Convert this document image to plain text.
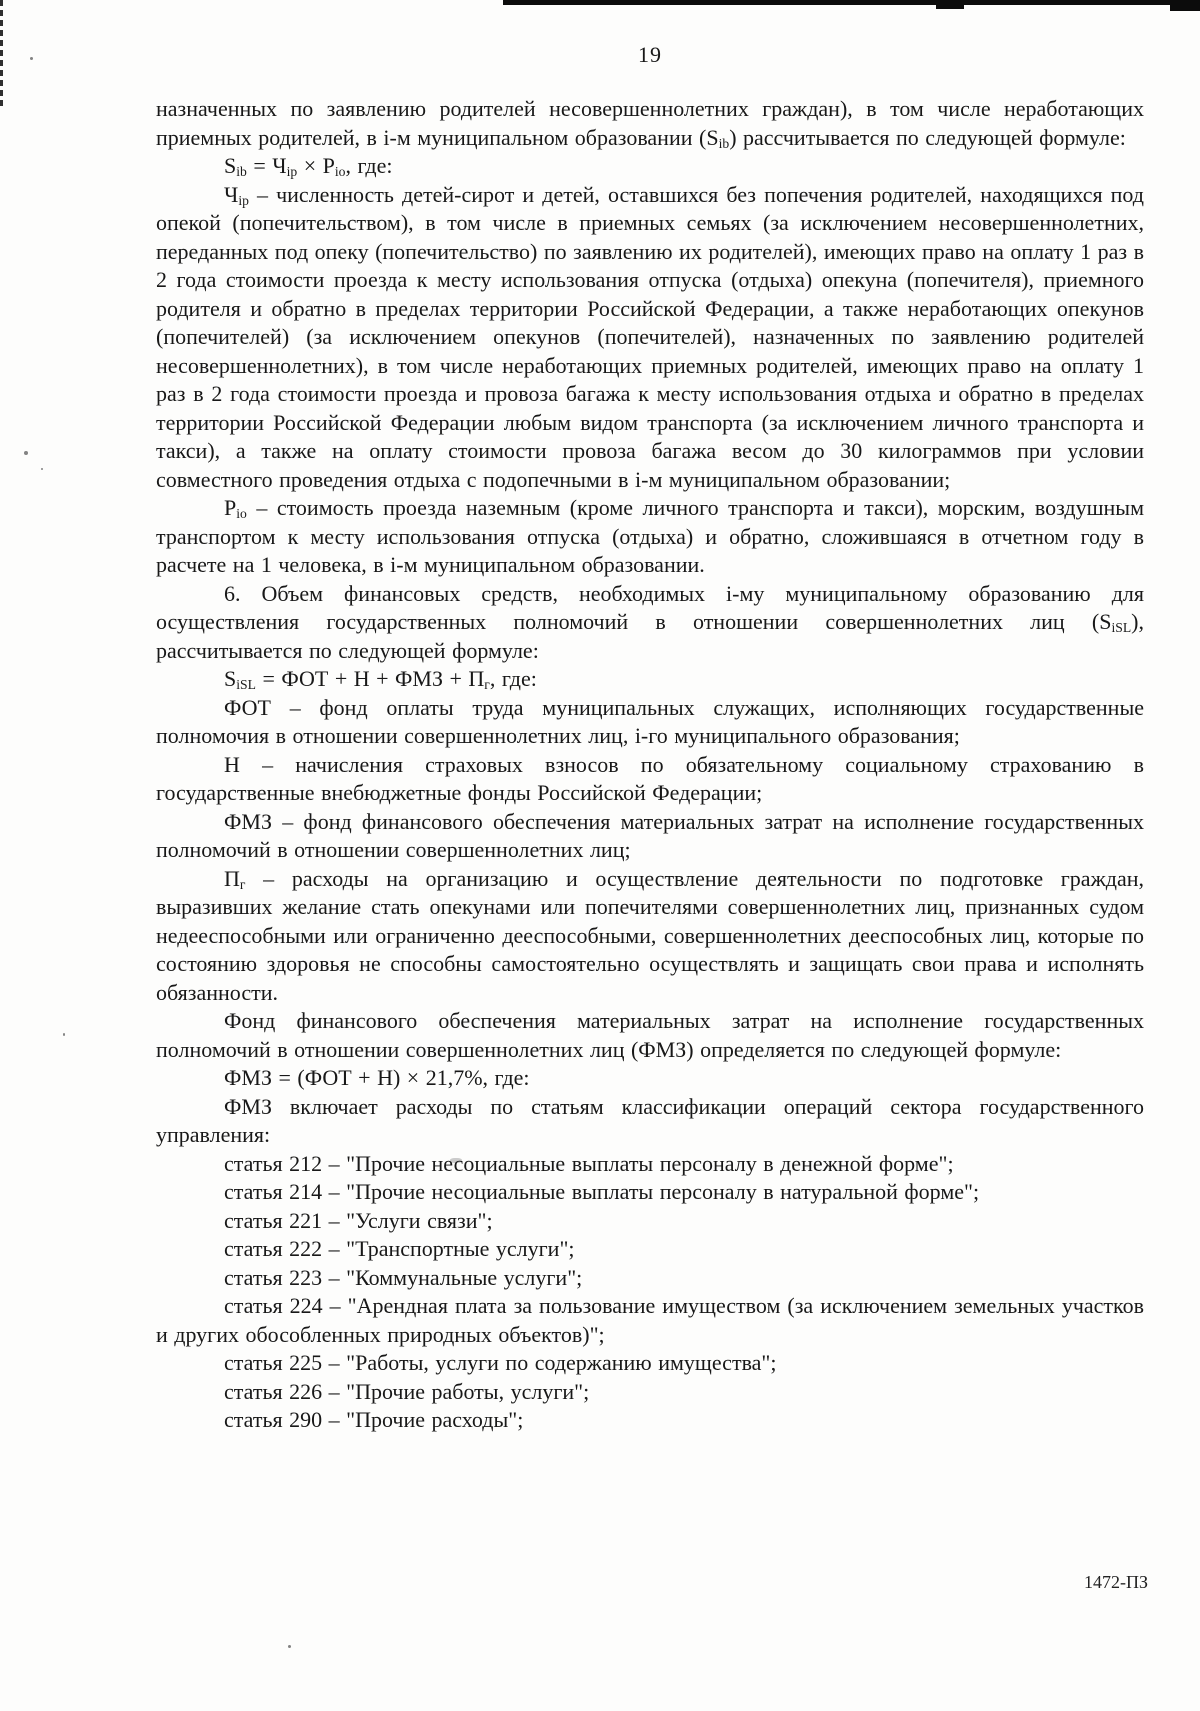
19

назначенных по заявлению родителей несовершеннолетних граждан), в том числе неработающих приемных родителей, в i-м муниципальном образовании $(S_{ib})$ рассчитывается по следующей формуле:

$S_{ib} = Ч_{ip} \times P_{io}$, где:

$Ч_{ip}$ – численность детей-сирот и детей, оставшихся без попечения родителей, находящихся под опекой (попечительством), в том числе в приемных семьях (за исключением несовершеннолетних, переданных под опеку (попечительство) по заявлению их родителей), имеющих право на оплату 1 раз в 2 года стоимости проезда к месту использования отпуска (отдыха) опекуна (попечителя), приемного родителя и обратно в пределах территории Российской Федерации, а также неработающих опекунов (попечителей) (за исключением опекунов (попечителей), назначенных по заявлению родителей несовершеннолетних), в том числе неработающих приемных родителей, имеющих право на оплату 1 раз в 2 года стоимости проезда и провоза багажа к месту использования отдыха и обратно в пределах территории Российской Федерации любым видом транспорта (за исключением личного транспорта и такси), а также на оплату стоимости провоза багажа весом до 30 килограммов при условии совместного проведения отдыха с подопечными в i-м муниципальном образовании;

$P_{io}$ – стоимость проезда наземным (кроме личного транспорта и такси), морским, воздушным транспортом к месту использования отпуска (отдыха) и обратно, сложившаяся в отчетном году в расчете на 1 человека, в i-м муниципальном образовании.

6. Объем финансовых средств, необходимых i-му муниципальному образованию для осуществления государственных полномочий в отношении совершеннолетних лиц $(S_{iSL})$, рассчитывается по следующей формуле:

$S_{iSL}$ = ФОТ + Н + ФМЗ + $П_г$, где:

ФОТ – фонд оплаты труда муниципальных служащих, исполняющих государственные полномочия в отношении совершеннолетних лиц, i-го муниципального образования;

Н – начисления страховых взносов по обязательному социальному страхованию в государственные внебюджетные фонды Российской Федерации;

ФМЗ – фонд финансового обеспечения материальных затрат на исполнение государственных полномочий в отношении совершеннолетних лиц;

$П_г$ – расходы на организацию и осуществление деятельности по подготовке граждан, выразивших желание стать опекунами или попечителями совершеннолетних лиц, признанных судом недееспособными или ограниченно дееспособными, совершеннолетних дееспособных лиц, которые по состоянию здоровья не способны самостоятельно осуществлять и защищать свои права и исполнять обязанности.

Фонд финансового обеспечения материальных затрат на исполнение государственных полномочий в отношении совершеннолетних лиц (ФМЗ) определяется по следующей формуле:

ФМЗ = (ФОТ + Н) × 21,7%, где:

ФМЗ включает расходы по статьям классификации операций сектора государственного управления:

статья 212 – "Прочие несоциальные выплаты персоналу в денежной форме";

статья 214 – "Прочие несоциальные выплаты персоналу в натуральной форме";

статья 221 – "Услуги связи";

статья 222 – "Транспортные услуги";

статья 223 – "Коммунальные услуги";

статья 224 – "Арендная плата за пользование имуществом (за исключением земельных участков и других обособленных природных объектов)";

статья 225 – "Работы, услуги по содержанию имущества";

статья 226 – "Прочие работы, услуги";

статья 290 – "Прочие расходы";

1472-ПЗ
